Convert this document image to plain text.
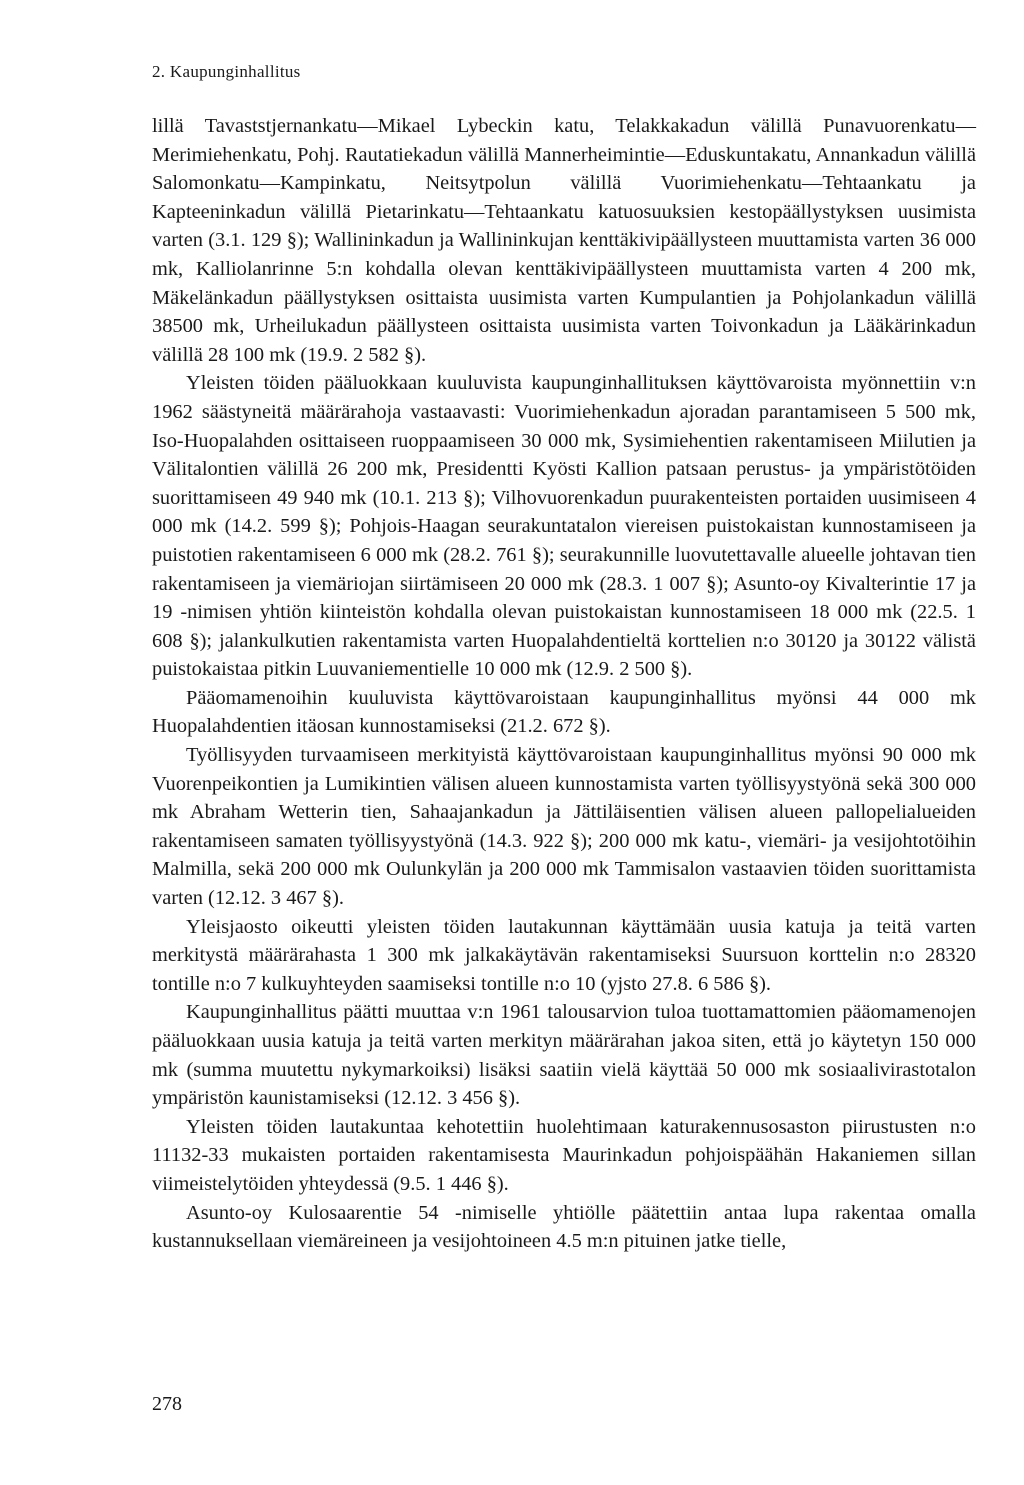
2. Kaupunginhallitus

lillä Tavaststjernankatu—Mikael Lybeckin katu, Telakkakadun välillä Punavuorenkatu—Merimiehenkatu, Pohj. Rautatiekadun välillä Mannerheimintie—Eduskuntakatu, Annankadun välillä Salomonkatu—Kampinkatu, Neitsytpolun välillä Vuorimiehenkatu—Tehtaankatu ja Kapteeninkadun välillä Pietarinkatu—Tehtaankatu katuosuuksien kestopäällystyksen uusimista varten (3.1. 129 §); Wallininkadun ja Wallininkujan kenttäkivipäällysteen muuttamista varten 36 000 mk, Kalliolanrinne 5:n kohdalla olevan kenttäkivipäällysteen muuttamista varten 4 200 mk, Mäkelänkadun päällystyksen osittaista uusimista varten Kumpulantien ja Pohjolankadun välillä 38500 mk, Urheilukadun päällysteen osittaista uusimista varten Toivonkadun ja Lääkärinkadun välillä 28 100 mk (19.9. 2 582 §).

Yleisten töiden pääluokkaan kuuluvista kaupunginhallituksen käyttövaroista myönnettiin v:n 1962 säästyneitä määrärahoja vastaavasti: Vuorimiehenkadun ajoradan parantamiseen 5 500 mk, Iso-Huopalahden osittaiseen ruoppaamiseen 30 000 mk, Sysimiehentien rakentamiseen Miilutien ja Välitalontien välillä 26 200 mk, Presidentti Kyösti Kallion patsaan perustus- ja ympäristötöiden suorittamiseen 49 940 mk (10.1. 213 §); Vilhovuorenkadun puurakenteisten portaiden uusimiseen 4 000 mk (14.2. 599 §); Pohjois-Haagan seurakuntatalon viereisen puistokaistan kunnostamiseen ja puistotien rakentamiseen 6 000 mk (28.2. 761 §); seurakunnille luovutettavalle alueelle johtavan tien rakentamiseen ja viemäriojan siirtämiseen 20 000 mk (28.3. 1 007 §); Asunto-oy Kivalterintie 17 ja 19 -nimisen yhtiön kiinteistön kohdalla olevan puistokaistan kunnostamiseen 18 000 mk (22.5. 1 608 §); jalankulkutien rakentamista varten Huopalahdentieltä korttelien n:o 30120 ja 30122 välistä puistokaistaa pitkin Luuvaniementielle 10 000 mk (12.9. 2 500 §).

Pääomamenoihin kuuluvista käyttövaroistaan kaupunginhallitus myönsi 44 000 mk Huopalahdentien itäosan kunnostamiseksi (21.2. 672 §).

Työllisyyden turvaamiseen merkityistä käyttövaroistaan kaupunginhallitus myönsi 90 000 mk Vuorenpeikontien ja Lumikintien välisen alueen kunnostamista varten työllisyystyönä sekä 300 000 mk Abraham Wetterin tien, Sahaajankadun ja Jättiläisentien välisen alueen pallopelialueiden rakentamiseen samaten työllisyystyönä (14.3. 922 §); 200 000 mk katu-, viemäri- ja vesijohtotöihin Malmilla, sekä 200 000 mk Oulunkylän ja 200 000 mk Tammisalon vastaavien töiden suorittamista varten (12.12. 3 467 §).

Yleisjaosto oikeutti yleisten töiden lautakunnan käyttämään uusia katuja ja teitä varten merkitystä määrärahasta 1 300 mk jalkakäytävän rakentamiseksi Suursuon korttelin n:o 28320 tontille n:o 7 kulkuyhteyden saamiseksi tontille n:o 10 (yjsto 27.8. 6 586 §).

Kaupunginhallitus päätti muuttaa v:n 1961 talousarvion tuloa tuottamattomien pääomamenojen pääluokkaan uusia katuja ja teitä varten merkityn määrärahan jakoa siten, että jo käytetyn 150 000 mk (summa muutettu nykymarkoiksi) lisäksi saatiin vielä käyttää 50 000 mk sosiaalivirastotalon ympäristön kaunistamiseksi (12.12. 3 456 §).

Yleisten töiden lautakuntaa kehotettiin huolehtimaan katurakennusosaston piirustusten n:o 11132-33 mukaisten portaiden rakentamisesta Maurinkadun pohjoispäähän Hakaniemen sillan viimeistelytöiden yhteydessä (9.5. 1 446 §).

Asunto-oy Kulosaarentie 54 -nimiselle yhtiölle päätettiin antaa lupa rakentaa omalla kustannuksellaan viemäreineen ja vesijohtoineen 4.5 m:n pituinen jatke tielle,

278
